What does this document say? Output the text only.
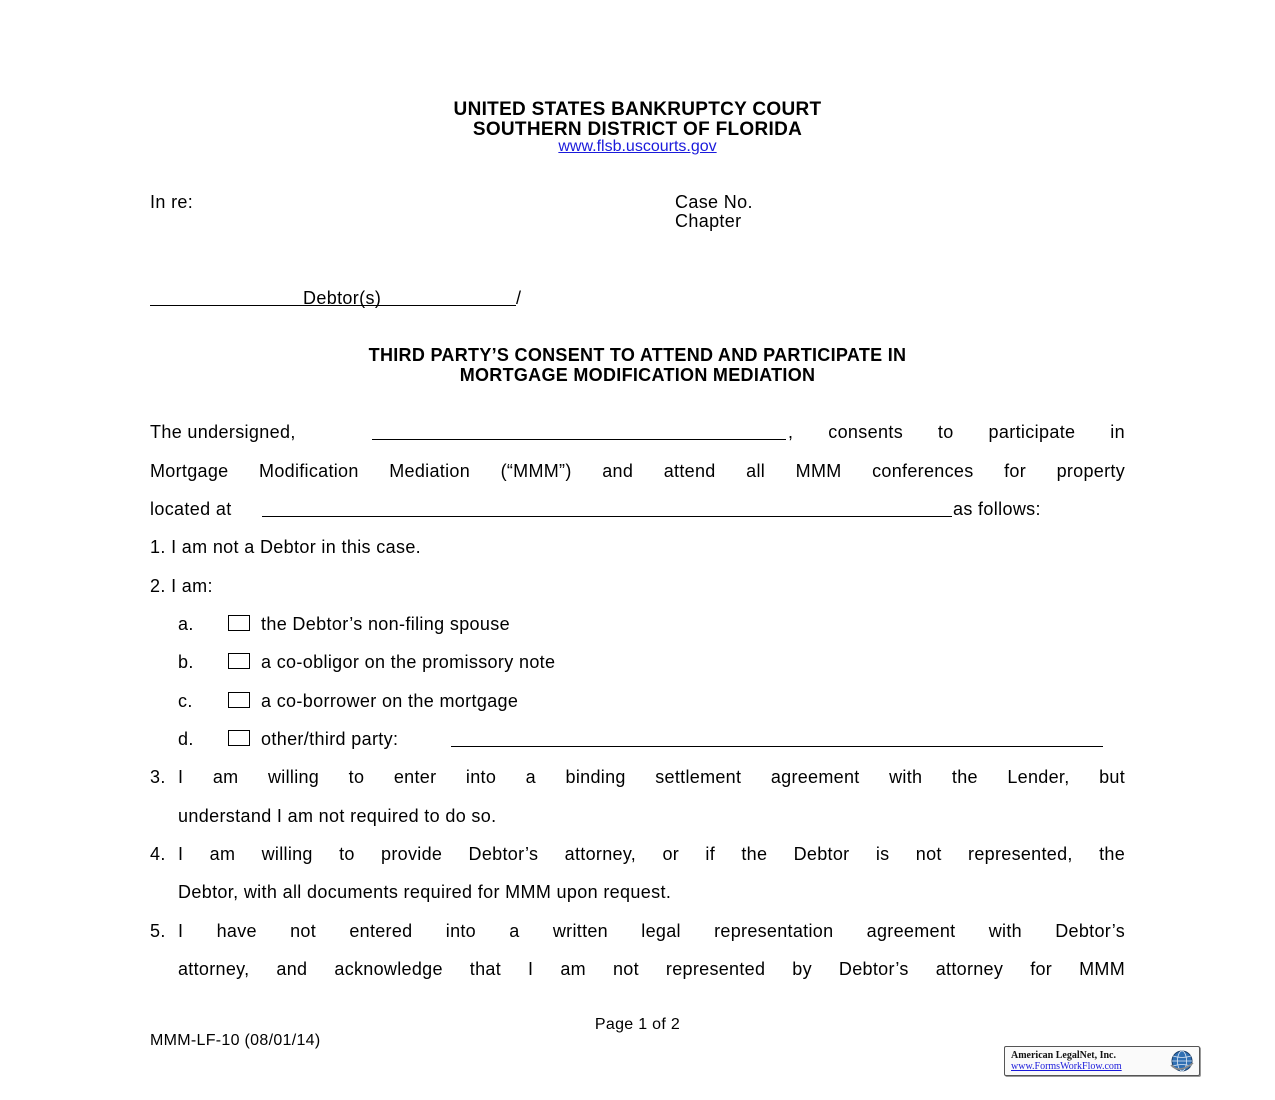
UNITED STATES BANKRUPTCY COURT
SOUTHERN DISTRICT OF FLORIDA
www.flsb.uscourts.gov
In re:	Case No.
Chapter
Debtor(s)	/
THIRD PARTY’S CONSENT TO ATTEND AND PARTICIPATE IN
MORTGAGE MODIFICATION MEDIATION
The undersigned,	, consents to participate in
Mortgage Modification Mediation (“MMM”) and attend all MMM conferences for property
located at	as follows:
1. I am not a Debtor in this case.
2. I am:
a.	the Debtor’s non-filing spouse
b.	a co-obligor on the promissory note
c.	a co-borrower on the mortgage
d.	other/third party:
3. I am willing to enter into a binding settlement agreement with the Lender, but
understand I am not required to do so.
4. I am willing to provide Debtor’s attorney, or if the Debtor is not represented, the
Debtor, with all documents required for MMM upon request.
5. I have not entered into a written legal representation agreement with Debtor’s
attorney, and acknowledge that I am not represented by Debtor’s attorney for MMM
Page 1 of 2
MMM-LF-10 (08/01/14)
American LegalNet, Inc.
www.FormsWorkFlow.com
